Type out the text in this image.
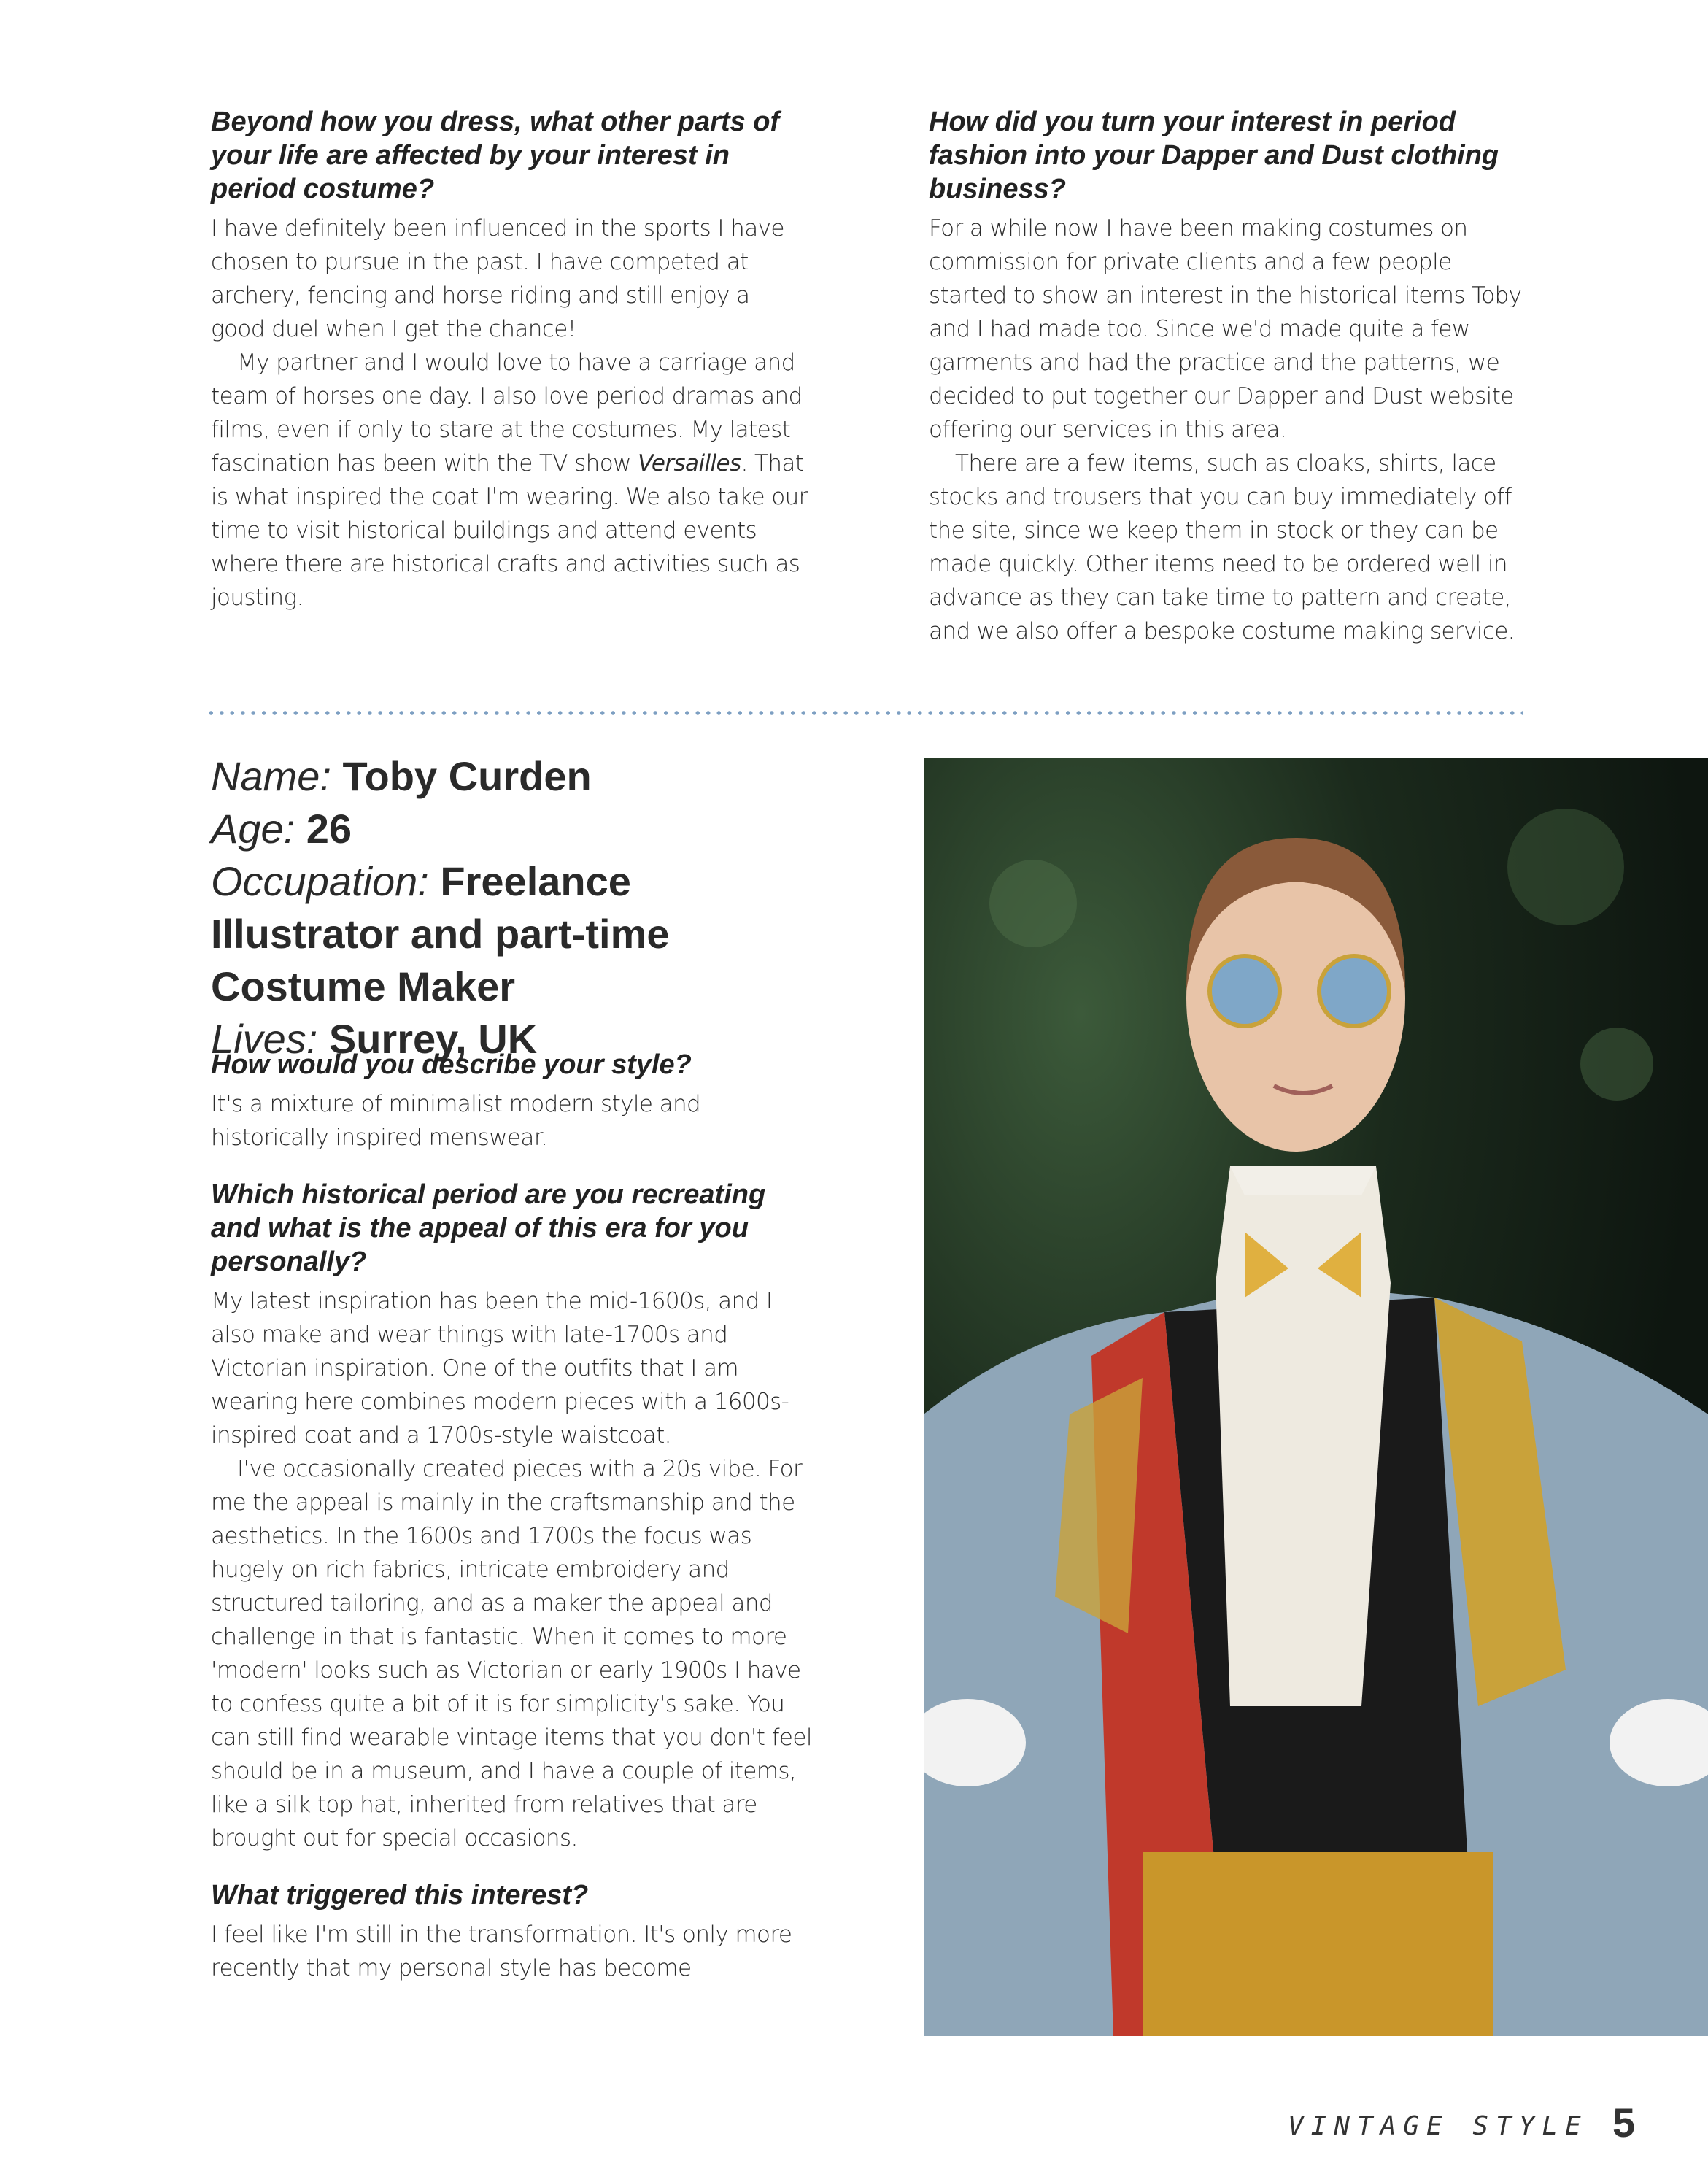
Beyond how you dress, what other parts of your life are affected by your interest in period costume?

I have definitely been influenced in the sports I have chosen to pursue in the past. I have competed at archery, fencing and horse riding and still enjoy a good duel when I get the chance!

My partner and I would love to have a carriage and team of horses one day. I also love period dramas and films, even if only to stare at the costumes. My latest fascination has been with the TV show Versailles. That is what inspired the coat I'm wearing. We also take our time to visit historical buildings and attend events where there are historical crafts and activities such as jousting.

How did you turn your interest in period fashion into your Dapper and Dust clothing business?

For a while now I have been making costumes on commission for private clients and a few people started to show an interest in the historical items Toby and I had made too. Since we'd made quite a few garments and had the practice and the patterns, we decided to put together our Dapper and Dust website offering our services in this area.

There are a few items, such as cloaks, shirts, lace stocks and trousers that you can buy immediately off the site, since we keep them in stock or they can be made quickly. Other items need to be ordered well in advance as they can take time to pattern and create, and we also offer a bespoke costume making service.

Name: Toby Curden
Age: 26
Occupation: Freelance Illustrator and part-time Costume Maker
Lives: Surrey, UK

How would you describe your style?

It's a mixture of minimalist modern style and historically inspired menswear.

Which historical period are you recreating and what is the appeal of this era for you personally?

My latest inspiration has been the mid-1600s, and I also make and wear things with late-1700s and Victorian inspiration. One of the outfits that I am wearing here combines modern pieces with a 1600s-inspired coat and a 1700s-style waistcoat.

I've occasionally created pieces with a 20s vibe. For me the appeal is mainly in the craftsmanship and the aesthetics. In the 1600s and 1700s the focus was hugely on rich fabrics, intricate embroidery and structured tailoring, and as a maker the appeal and challenge in that is fantastic. When it comes to more 'modern' looks such as Victorian or early 1900s I have to confess quite a bit of it is for simplicity's sake. You can still find wearable vintage items that you don't feel should be in a museum, and I have a couple of items, like a silk top hat, inherited from relatives that are brought out for special occasions.

What triggered this interest?

I feel like I'm still in the transformation. It's only more recently that my personal style has become

VINTAGE STYLE 5
